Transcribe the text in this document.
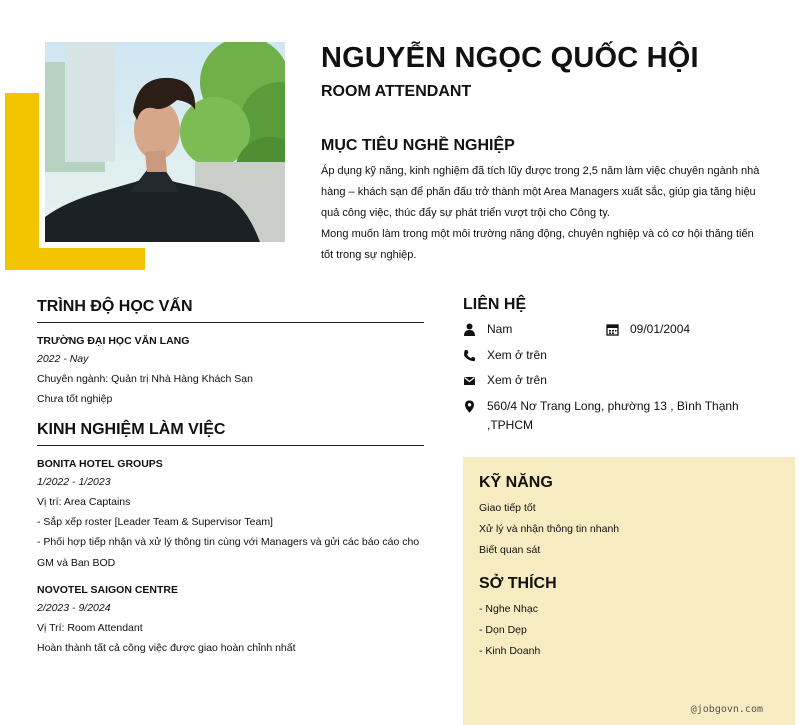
NGUYỄN NGỌC QUỐC HỘI
ROOM ATTENDANT
MỤC TIÊU NGHỀ NGHIỆP

Áp dụng kỹ năng, kinh nghiệm đã tích lũy được trong 2,5 năm làm việc chuyên ngành nhà hàng – khách sạn để phấn đấu trở thành một Area Managers xuất sắc, giúp gia tăng hiệu quả công việc, thúc đẩy sự phát triển vượt trội cho Công ty.

Mong muốn làm trong một môi trường năng động, chuyên nghiệp và có cơ hội thăng tiến tốt trong sự nghiệp.

TRÌNH ĐỘ HỌC VẤN
TRƯỜNG ĐẠI HỌC VĂN LANG
2022 - Nay
Chuyên ngành: Quản trị Nhà Hàng Khách Sạn
Chưa tốt nghiệp
KINH NGHIỆM LÀM VIỆC
BONITA HOTEL GROUPS
1/2022 - 1/2023
Vị trí: Area Captains
- Sắp xếp roster [Leader Team & Supervisor Team]
- Phối hợp tiếp nhận và xử lý thông tin cùng với Managers và gửi các báo cáo cho GM và Ban BOD
NOVOTEL SAIGON CENTRE
2/2023 - 9/2024
Vị Trí: Room Attendant
Hoàn thành tất cả công việc được giao hoàn chỉnh nhất
LIÊN HỆ
Nam	09/01/2004
Xem ở trên
Xem ở trên
560/4 Nơ Trang Long, phường 13 , Bình Thạnh ,TPHCM
KỸ NĂNG
Giao tiếp tốt
Xử lý và nhận thông tin nhanh
Biết quan sát
SỞ THÍCH
- Nghe Nhạc
- Dọn Dẹp
- Kinh Doanh
@jobgovn.com
